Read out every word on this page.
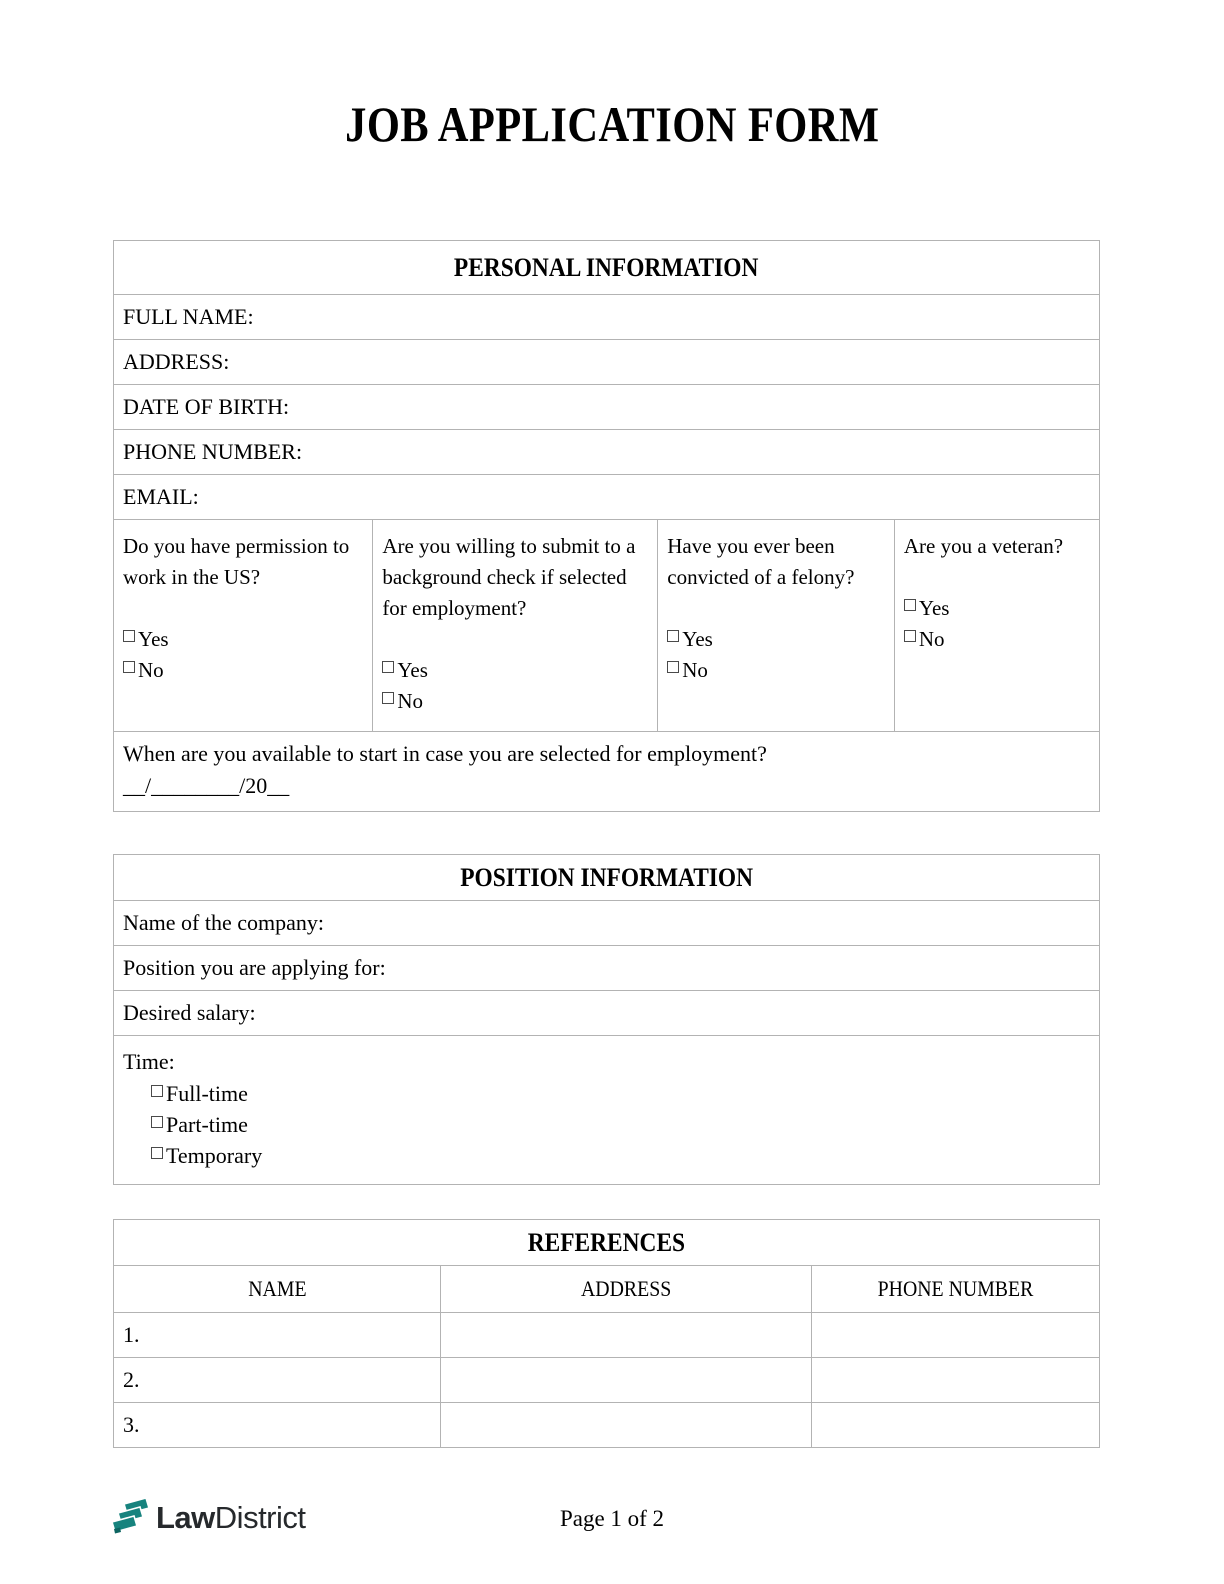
JOB APPLICATION FORM
PERSONAL INFORMATION
FULL NAME:
ADDRESS:
DATE OF BIRTH:
PHONE NUMBER:
EMAIL:
Do you have permission to work in the US?
Yes
No
	Are you willing to submit to a background check if selected for employment?
Yes
No
	Have you ever been convicted of a felony?
Yes
No
	Are you a veteran?
Yes
No

When are you available to start in case you are selected for employment?
__/________/20__
POSITION INFORMATION
Name of the company:
Position you are applying for:
Desired salary:

Time:
Full-time
Part-time
Temporary
REFERENCES		
NAME	ADDRESS	PHONE NUMBER
1.		
2.		
3.		
LawDistrict	Page 1 of 2
